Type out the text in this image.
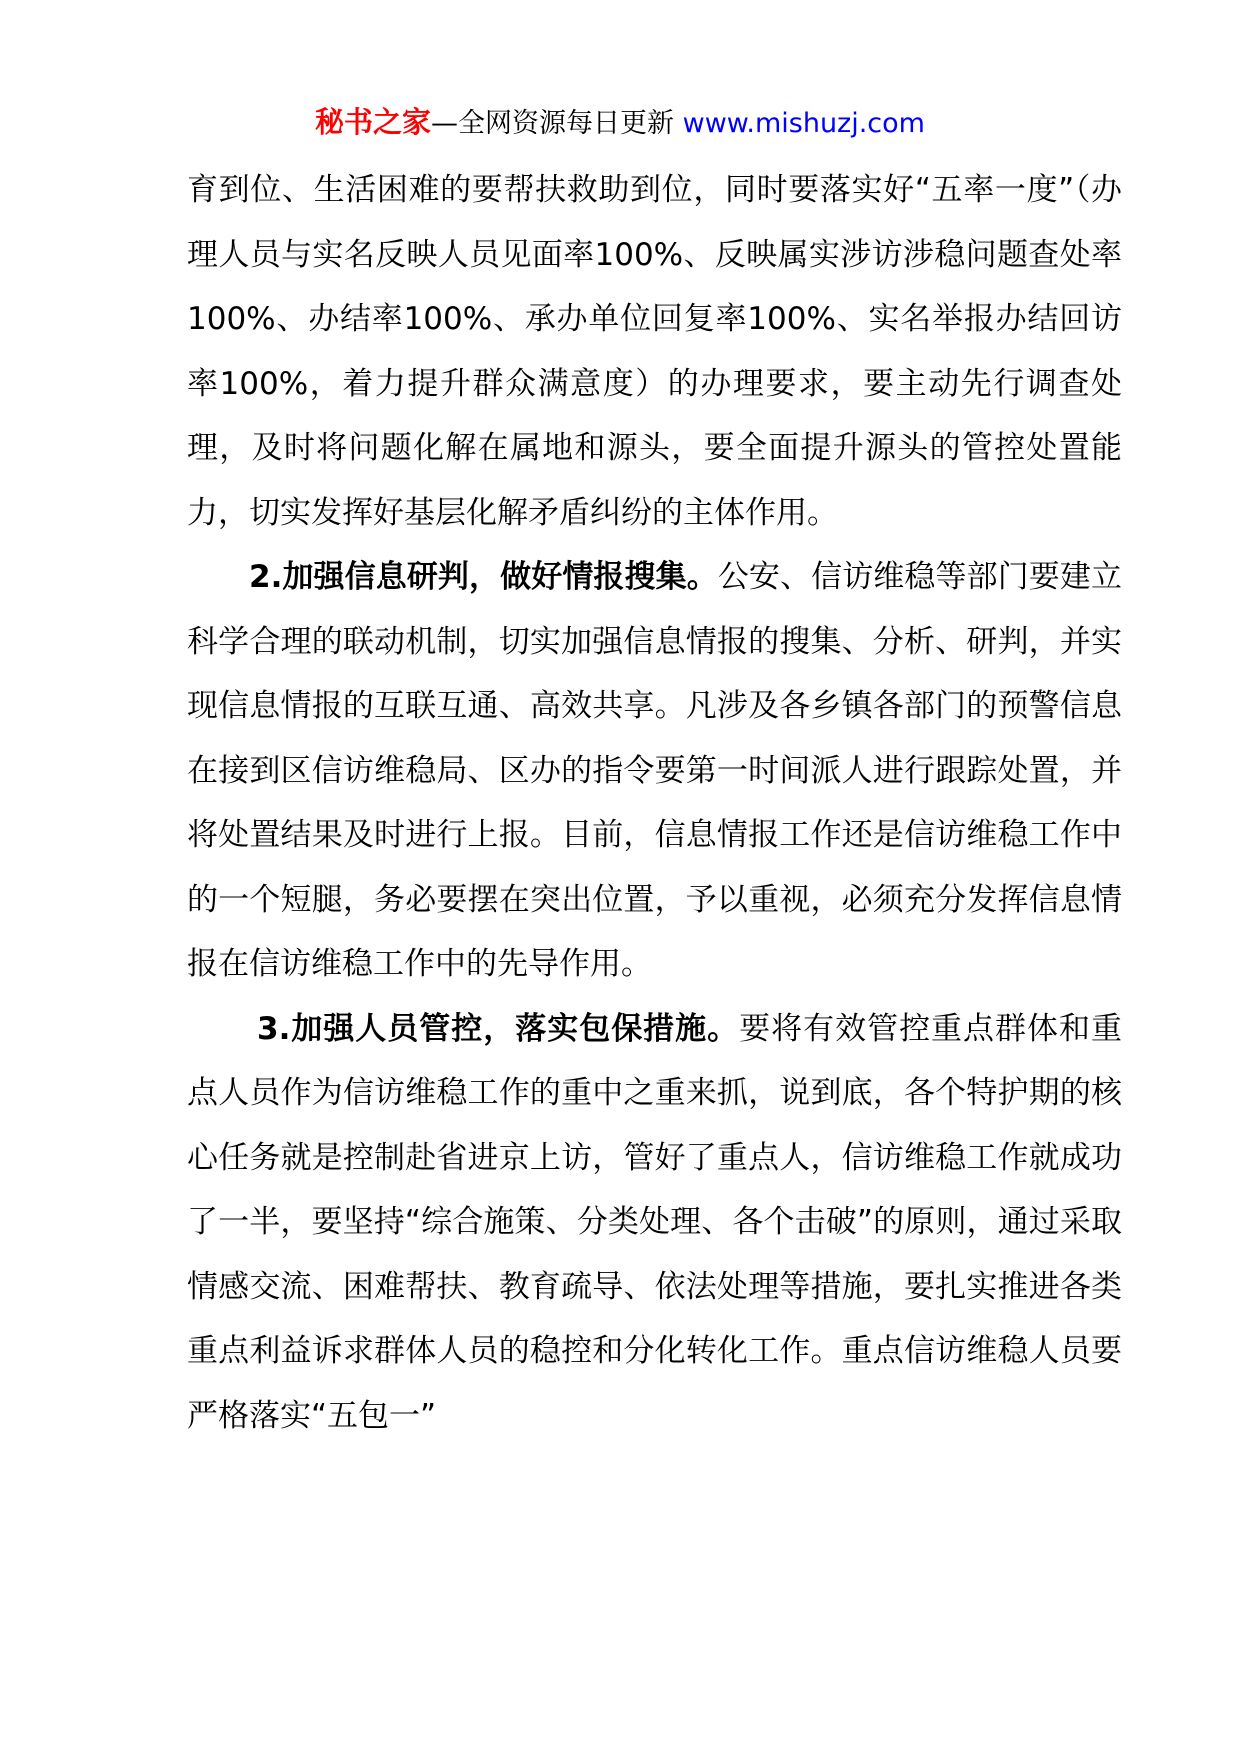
秘书之家—全网资源每日更新 www.mishuzj.com

育到位、生活困难的要帮扶救助到位，同时要落实好“五率一度”（办理人员与实名反映人员见面率100%、反映属实涉访涉稳问题查处率100%、办结率100%、承办单位回复率100%、实名举报办结回访率100%，着力提升群众满意度）的办理要求，要主动先行调查处理，及时将问题化解在属地和源头，要全面提升源头的管控处置能力，切实发挥好基层化解矛盾纠纷的主体作用。

2.加强信息研判，做好情报搜集。公安、信访维稳等部门要建立科学合理的联动机制，切实加强信息情报的搜集、分析、研判，并实现信息情报的互联互通、高效共享。凡涉及各乡镇各部门的预警信息在接到区信访维稳局、区办的指令要第一时间派人进行跟踪处置，并将处置结果及时进行上报。目前，信息情报工作还是信访维稳工作中的一个短腿，务必要摆在突出位置，予以重视，必须充分发挥信息情报在信访维稳工作中的先导作用。

3.加强人员管控，落实包保措施。要将有效管控重点群体和重点人员作为信访维稳工作的重中之重来抓，说到底，各个特护期的核心任务就是控制赴省进京上访，管好了重点人，信访维稳工作就成功了一半，要坚持“综合施策、分类处理、各个击破”的原则，通过采取情感交流、困难帮扶、教育疏导、依法处理等措施，要扎实推进各类重点利益诉求群体人员的稳控和分化转化工作。重点信访维稳人员要严格落实“五包一”
